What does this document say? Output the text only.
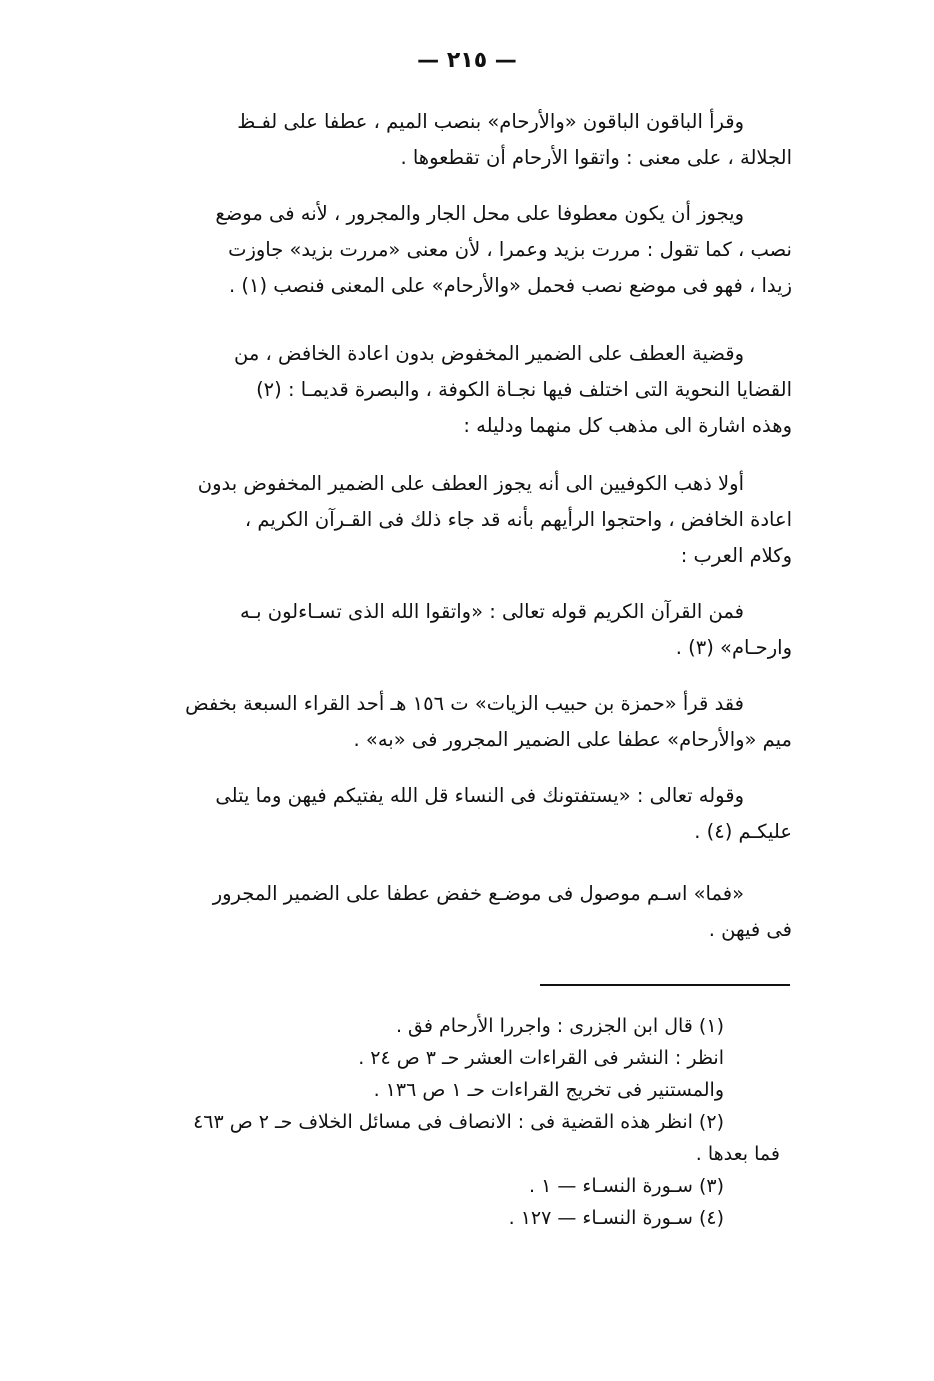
— ٢١٥ —

وقرأ الباقون الباقون «والأرحام» بنصب الميم ، عطفا على لفـظ
الجلالة ، على معنى : واتقوا الأرحام أن تقطعوها .

ويجوز أن يكون معطوفا على محل الجار والمجرور ، لأنه فى موضع
نصب ، كما تقول : مررت بزيد وعمرا ، لأن معنى «مررت بزيد» جاوزت
زيدا ، فهو فى موضع نصب فحمل «والأرحام» على المعنى فنصب (١) .

وقضية العطف على الضمير المخفوض بدون اعادة الخافض ، من
القضايا النحوية التى اختلف فيها نجـاة الكوفة ، والبصرة قديمـا : (٢)
وهذه اشارة الى مذهب كل منهما ودليله :

أولا ذهب الكوفيين الى أنه يجوز العطف على الضمير المخفوض بدون
اعادة الخافض ، واحتجوا الرأيهم بأنه قد جاء ذلك فى القـرآن الكريم ،
وكلام العرب :

فمن القرآن الكريم قوله تعالى : «واتقوا الله الذى تسـاءلون بـه
وارحـام» (٣) .

فقد قرأ «حمزة بن حبيب الزيات» ت ١٥٦ هـ أحد القراء السبعة بخفض
ميم «والأرحام» عطفا على الضمير المجرور فى «به» .

وقوله تعالى : «يستفتونك فى النساء قل الله يفتيكم فيهن وما يتلى
عليكـم (٤) .

«فما» اسـم موصول فى موضـع خفض عطفا على الضمير المجرور
فى فيهن .

(١) قال ابن الجزرى : واجررا الأرحام فق .
انظر : النشر فى القراءات العشر حـ ٣ ص ٢٤ .
والمستنير فى تخريج القراءات حـ ١ ص ١٣٦ .
(٢) انظر هذه القضية فى : الانصاف فى مسائل الخلاف حـ ٢ ص ٤٦٣
فما بعدها .
(٣) سـورة النسـاء — ١ .
(٤) سـورة النسـاء — ١٢٧ .
